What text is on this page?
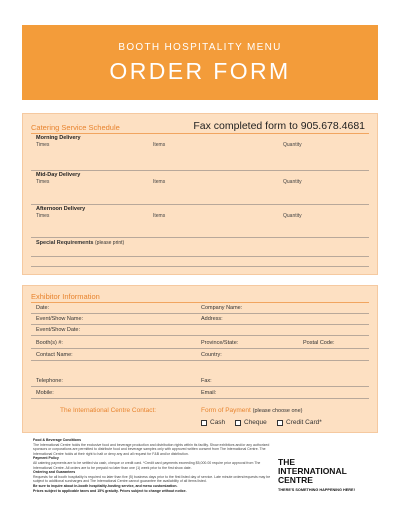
BOOTH HOSPITALITY MENU
ORDER FORM
Catering Service Schedule	Fax completed form to 905.678.4681
Morning Delivery
Times	Items	Quantity
Mid-Day Delivery
Times	Items	Quantity
Afternoon Delivery
Times	Items	Quantity
Special Requirements (please print)
Exhibitor Information
Date:	Company Name:
Event/Show Name:	Address:
Event/Show Date:
Booth(s) #:	Province/State:	Postal Code:
Contact Name:	Country:
Telephone:	Fax:
Mobile:	Email:
The International Centre Contact:	Form of Payment (please choose one)
Cash	Cheque	Credit Card*
Food & Beverage Conditions
The International Centre holds the exclusive food and beverage production and distribution rights within its facility. Show exhibitors and/or any authorized sponsors or corporations are permitted to distribute food and beverage samples only with approved written consent from The International Centre. The International Centre holds at their right to halt or deny any and all request for F&B and/or distribution.
Payment Policy
All catering payments are to be settled via cash, cheque or credit card. *Credit card payments exceeding $5,000.00 require prior approval from The International Centre. All orders are to be prepaid no later than one (1) week prior to the first show date.
Ordering and Guarantees
Requests for all booth hospitality is required no later than five (5) business days prior to the first listed day of service. Late minute orders/requests may be subject to additional surcharges and The International Centre cannot guarantee the availability of all items listed.
Be sure to inquire about in-booth hospitality-hosting service, and menu customization.
Prices subject to applicable taxes and 15% gratuity. Prices subject to change without notice.
THE
INTERNATIONAL
CENTRE
THERE'S SOMETHING HAPPENING HERE!
